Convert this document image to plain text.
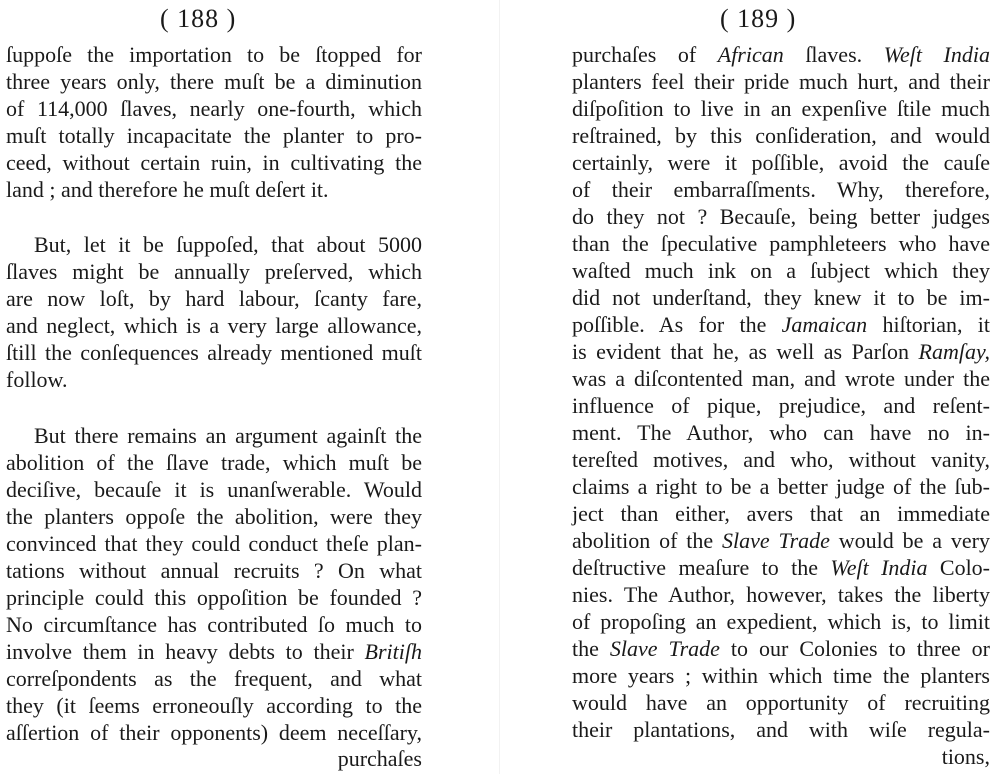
( 188 )
ſuppoſe the importation to be ſtopped for
three years only, there muſt be a diminution
of 114,000 ſlaves, nearly one-fourth, which
muſt totally incapacitate the planter to pro-
ceed, without certain ruin, in cultivating the
land ; and therefore he muſt deſert it.
But, let it be ſuppoſed, that about 5000
ſlaves might be annually preſerved, which
are now loſt, by hard labour, ſcanty fare,
and neglect, which is a very large allowance,
ſtill the conſequences already mentioned muſt
follow.
But there remains an argument againſt the
abolition of the ſlave trade, which muſt be
deciſive, becauſe it is unanſwerable. Would
the planters oppoſe the abolition, were they
convinced that they could conduct theſe plan-
tations without annual recruits ? On what
principle could this oppoſition be founded ?
No circumſtance has contributed ſo much to
involve them in heavy debts to their Britiſh
correſpondents as the frequent, and what
they (it ſeems erroneouſly according to the
aſſertion of their opponents) deem neceſſary,
purchaſes
( 189 )
purchaſes of African ſlaves. Weſt India
planters feel their pride much hurt, and their
diſpoſition to live in an expenſive ſtile much
reſtrained, by this conſideration, and would
certainly, were it poſſible, avoid the cauſe
of their embarraſſments. Why, therefore,
do they not ? Becauſe, being better judges
than the ſpeculative pamphleteers who have
waſted much ink on a ſubject which they
did not underſtand, they knew it to be im-
poſſible. As for the Jamaican hiſtorian, it
is evident that he, as well as Parſon Ramſay,
was a diſcontented man, and wrote under the
influence of pique, prejudice, and reſent-
ment. The Author, who can have no in-
tereſted motives, and who, without vanity,
claims a right to be a better judge of the ſub-
ject than either, avers that an immediate
abolition of the Slave Trade would be a very
deſtructive meaſure to the Weſt India Colo-
nies. The Author, however, takes the liberty
of propoſing an expedient, which is, to limit
the Slave Trade to our Colonies to three or
more years ; within which time the planters
would have an opportunity of recruiting
their plantations, and with wiſe regula-
tions,
